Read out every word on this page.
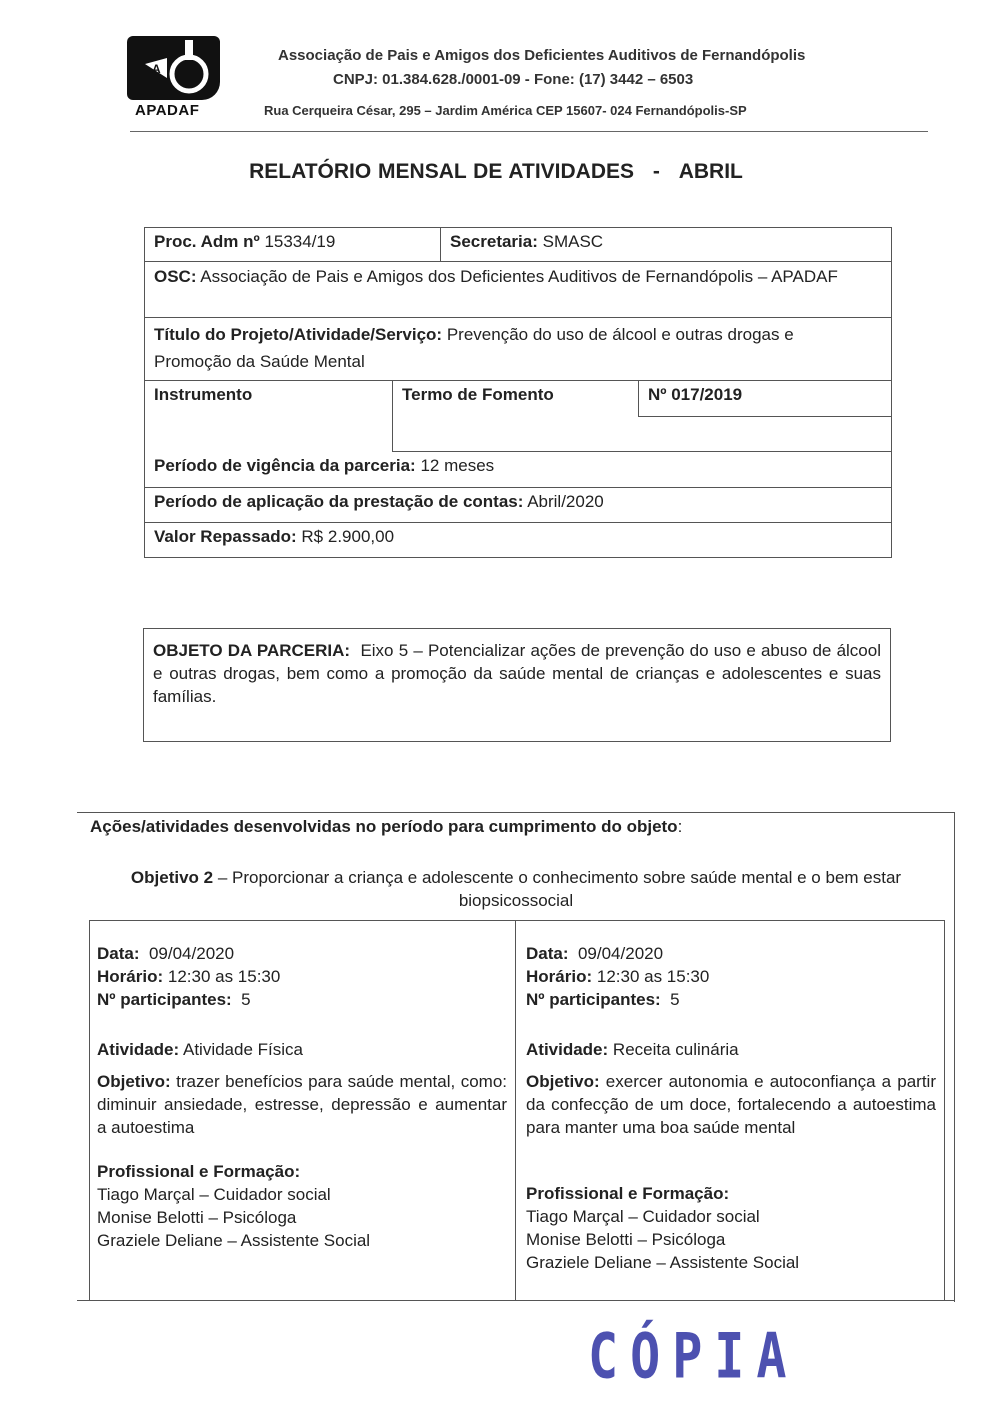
A
APADAF
Associação de Pais e Amigos dos Deficientes Auditivos de Fernandópolis
CNPJ: 01.384.628./0001-09 - Fone: (17) 3442 – 6503
Rua Cerqueira César, 295 – Jardim América CEP 15607- 024 Fernandópolis-SP
RELATÓRIO MENSAL DE ATIVIDADES - ABRIL
Proc. Adm nº 15334/19	Secretaria: SMASC
OSC: Associação de Pais e Amigos dos Deficientes Auditivos de Fernandópolis – APADAF
Título do Projeto/Atividade/Serviço: Prevenção do uso de álcool e outras drogas e Promoção da Saúde Mental
Instrumento	Termo de Fomento	Nº 017/2019
Período de vigência da parceria: 12 meses
Período de aplicação da prestação de contas: Abril/2020
Valor Repassado: R$ 2.900,00
OBJETO DA PARCERIA: Eixo 5 – Potencializar ações de prevenção do uso e abuso de álcool e outras drogas, bem como a promoção da saúde mental de crianças e adolescentes e suas famílias.
Ações/atividades desenvolvidas no período para cumprimento do objeto:
Objetivo 2 – Proporcionar a criança e adolescente o conhecimento sobre saúde mental e o bem estar biopsicossocial
Data: 09/04/2020
Horário: 12:30 as 15:30
Nº participantes: 5
Atividade: Atividade Física
Objetivo: trazer benefícios para saúde mental, como: diminuir ansiedade, estresse, depressão e aumentar a autoestima
Profissional e Formação:
Tiago Marçal – Cuidador social
Monise Belotti – Psicóloga
Graziele Deliane – Assistente Social
Data: 09/04/2020
Horário: 12:30 as 15:30
Nº participantes: 5
Atividade: Receita culinária
Objetivo: exercer autonomia e autoconfiança a partir da confecção de um doce, fortalecendo a autoestima para manter uma boa saúde mental
Profissional e Formação:
Tiago Marçal – Cuidador social
Monise Belotti – Psicóloga
Graziele Deliane – Assistente Social
CÓPIA
